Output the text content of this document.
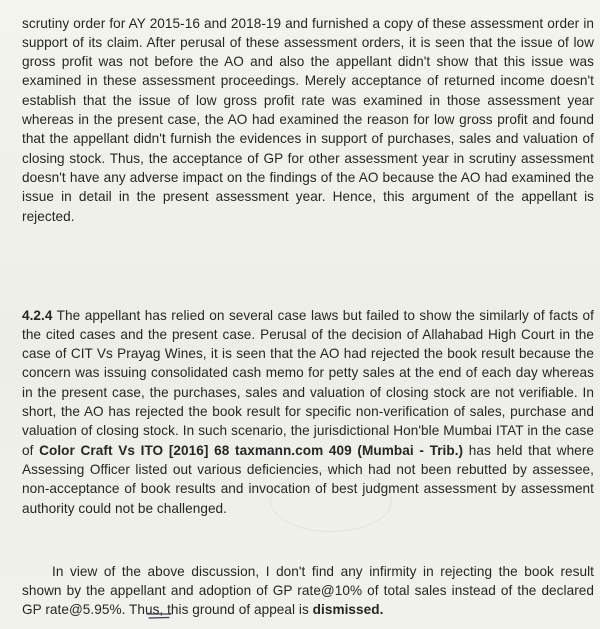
scrutiny order for AY 2015-16 and 2018-19 and furnished a copy of these assessment order in support of its claim. After perusal of these assessment orders, it is seen that the issue of low gross profit was not before the AO and also the appellant didn't show that this issue was examined in these assessment proceedings. Merely acceptance of returned income doesn't establish that the issue of low gross profit rate was examined in those assessment year whereas in the present case, the AO had examined the reason for low gross profit and found that the appellant didn't furnish the evidences in support of purchases, sales and valuation of closing stock. Thus, the acceptance of GP for other assessment year in scrutiny assessment doesn't have any adverse impact on the findings of the AO because the AO had examined the issue in detail in the present assessment year. Hence, this argument of the appellant is rejected.

4.2.4 The appellant has relied on several case laws but failed to show the similarly of facts of the cited cases and the present case. Perusal of the decision of Allahabad High Court in the case of CIT Vs Prayag Wines, it is seen that the AO had rejected the book result because the concern was issuing consolidated cash memo for petty sales at the end of each day whereas in the present case, the purchases, sales and valuation of closing stock are not verifiable. In short, the AO has rejected the book result for specific non-verification of sales, purchase and valuation of closing stock. In such scenario, the jurisdictional Hon'ble Mumbai ITAT in the case of Color Craft Vs ITO [2016] 68 taxmann.com 409 (Mumbai - Trib.) has held that where Assessing Officer listed out various deficiencies, which had not been rebutted by assessee, non-acceptance of book results and invocation of best judgment assessment by assessment authority could not be challenged.

In view of the above discussion, I don't find any infirmity in rejecting the book result shown by the appellant and adoption of GP rate@10% of total sales instead of the declared GP rate@5.95%. Thus, this ground of appeal is dismissed.
